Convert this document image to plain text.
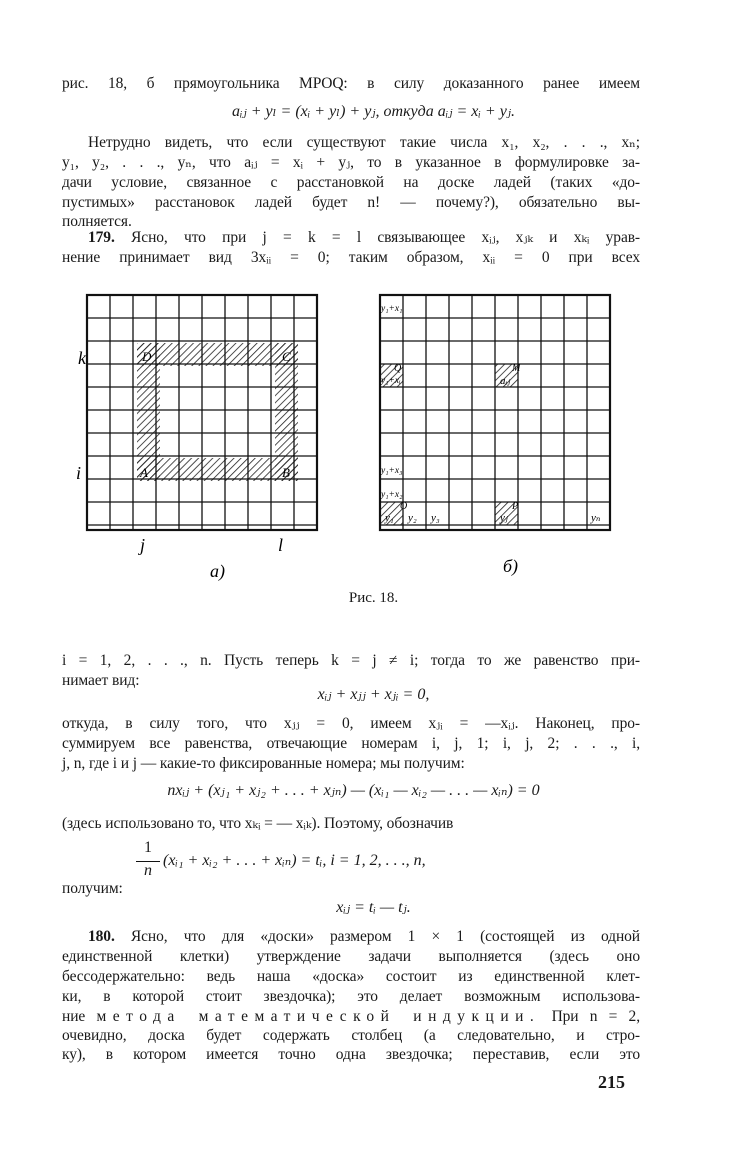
рис. 18, б прямоугольника MPOQ: в силу доказанного ранее имеем
aᵢⱼ + yₗ = (xᵢ + yₗ) + yⱼ, откуда aᵢⱼ = xᵢ + yⱼ.
Нетрудно видеть, что если существуют такие числа x₁, x₂, . . ., xₙ;
y₁, y₂, . . ., yₙ, что aᵢⱼ = xᵢ + yⱼ, то в указанное в формулировке за-
дачи условие, связанное с расстановкой на доске ладей (таких «до-
пустимых» расстановок ладей будет n! — почему?), обязательно вы-
полняется.
179. Ясно, что при j = k = l связывающее xᵢⱼ, xⱼₖ и xₖᵢ урав-
нение принимает вид 3xᵢᵢ = 0; таким образом, xᵢᵢ = 0 при всех
k
i
j	l
D	C
A	B
а)
y₁+x₁
Q
y₁+xᵢ
M
aᵢⱼ
y₁+x₃
y₁+x₂
P
O
y₁ y₂ y₃	yⱼ	yₙ
б)
Рис. 18.
i = 1, 2, . . ., n. Пусть теперь k = j ≠ i; тогда то же равенство при-
нимает вид:
xᵢⱼ + xⱼⱼ + xⱼᵢ = 0,
откуда, в силу того, что xⱼⱼ = 0, имеем xⱼᵢ = —xᵢⱼ. Наконец, про-
суммируем все равенства, отвечающие номерам i, j, 1; i, j, 2; . . ., i,
j, n, где i и j — какие-то фиксированные номера; мы получим:
nxᵢⱼ + (xⱼ₁ + xⱼ₂ + . . . + xⱼₙ) — (xᵢ₁ — xᵢ₂ — . . . — xᵢₙ) = 0
(здесь использовано то, что xₖᵢ = — xᵢₖ). Поэтому, обозначив
1
n
(xᵢ₁ + xᵢ₂ + . . . + xᵢₙ) = tᵢ, i = 1, 2, . . ., n,
получим:
xᵢⱼ = tᵢ — tⱼ.
180. Ясно, что для «доски» размером 1 × 1 (состоящей из одной
единственной клетки) утверждение задачи выполняется (здесь оно
бессодержательно: ведь наша «доска» состоит из единственной клет-
ки, в которой стоит звездочка); это делает возможным использова-
ние метода математической индукции. При n = 2,
очевидно, доска будет содержать столбец (а следовательно, и стро-
ку), в котором имеется точно одна звездочка; переставив, если это
215
